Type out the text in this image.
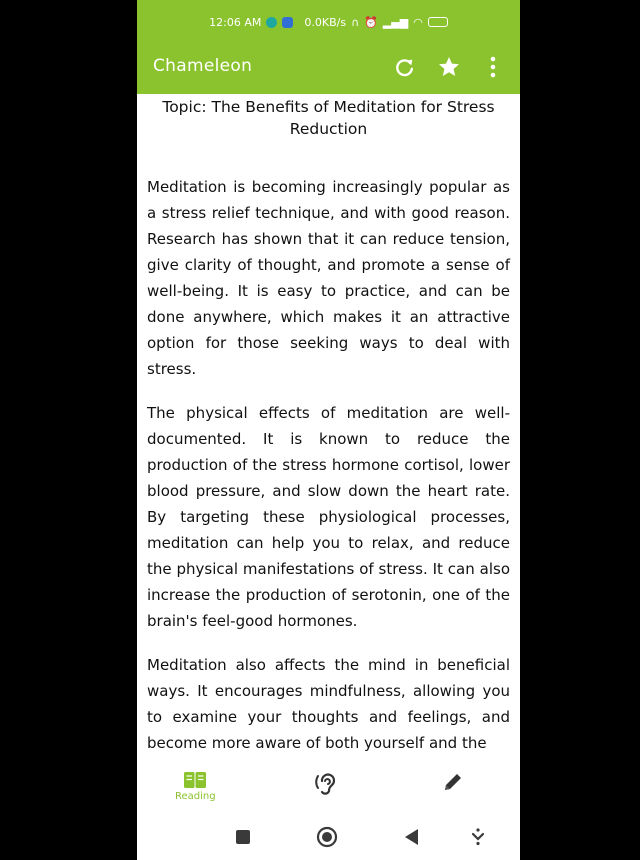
12:06 AM	0.0KB/s ∩ ⏰ ▂▄▆ ◠
Chameleon
Topic: The Benefits of Meditation for Stress Reduction

Meditation is becoming increasingly popular as a stress relief technique, and with good reason. Research has shown that it can reduce tension, give clarity of thought, and promote a sense of well-being. It is easy to practice, and can be done anywhere, which makes it an attractive option for those seeking ways to deal with stress.

The physical effects of meditation are well-documented. It is known to reduce the production of the stress hormone cortisol, lower blood pressure, and slow down the heart rate. By targeting these physiological processes, meditation can help you to relax, and reduce the physical manifestations of stress. It can also increase the production of serotonin, one of the brain's feel-good hormones.

Meditation also affects the mind in beneficial ways. It encourages mindfulness, allowing you to examine your thoughts and feelings, and become more aware of both yourself and the

Reading
